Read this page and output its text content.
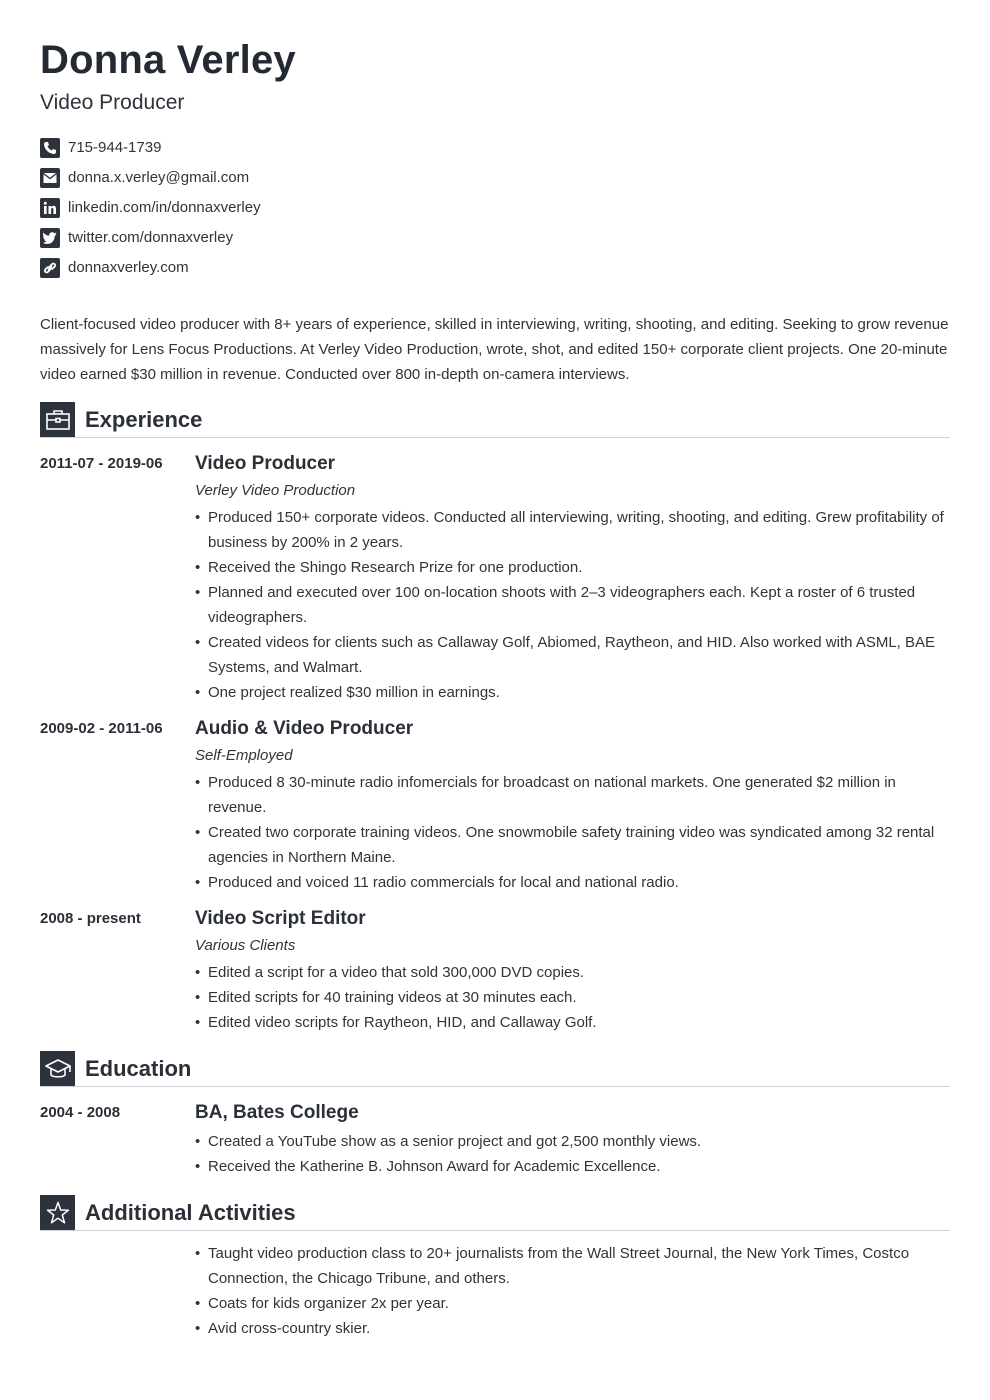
Donna Verley
Video Producer
715-944-1739
donna.x.verley@gmail.com
linkedin.com/in/donnaxverley
twitter.com/donnaxverley
donnaxverley.com

Client-focused video producer with 8+ years of experience, skilled in interviewing, writing, shooting, and editing. Seeking to grow revenue massively for Lens Focus Productions. At Verley Video Production, wrote, shot, and edited 150+ corporate client projects. One 20-minute video earned $30 million in revenue. Conducted over 800 in-depth on-camera interviews.

Experience
2011-07 - 2019-06 Video Producer
Verley Video Production
• Produced 150+ corporate videos. Conducted all interviewing, writing, shooting, and editing. Grew profitability of business by 200% in 2 years.
• Received the Shingo Research Prize for one production.
• Planned and executed over 100 on-location shoots with 2–3 videographers each. Kept a roster of 6 trusted videographers.
• Created videos for clients such as Callaway Golf, Abiomed, Raytheon, and HID. Also worked with ASML, BAE Systems, and Walmart.
• One project realized $30 million in earnings.
2009-02 - 2011-06 Audio & Video Producer
Self-Employed
• Produced 8 30-minute radio infomercials for broadcast on national markets. One generated $2 million in revenue.
• Created two corporate training videos. One snowmobile safety training video was syndicated among 32 rental agencies in Northern Maine.
• Produced and voiced 11 radio commercials for local and national radio.
2008 - present	Video Script Editor
Various Clients
• Edited a script for a video that sold 300,000 DVD copies.
• Edited scripts for 40 training videos at 30 minutes each.
• Edited video scripts for Raytheon, HID, and Callaway Golf.
Education
2004 - 2008	BA, Bates College
• Created a YouTube show as a senior project and got 2,500 monthly views.
• Received the Katherine B. Johnson Award for Academic Excellence.
Additional Activities
• Taught video production class to 20+ journalists from the Wall Street Journal, the New York Times, Costco Connection, the Chicago Tribune, and others.
• Coats for kids organizer 2x per year.
• Avid cross-country skier.
